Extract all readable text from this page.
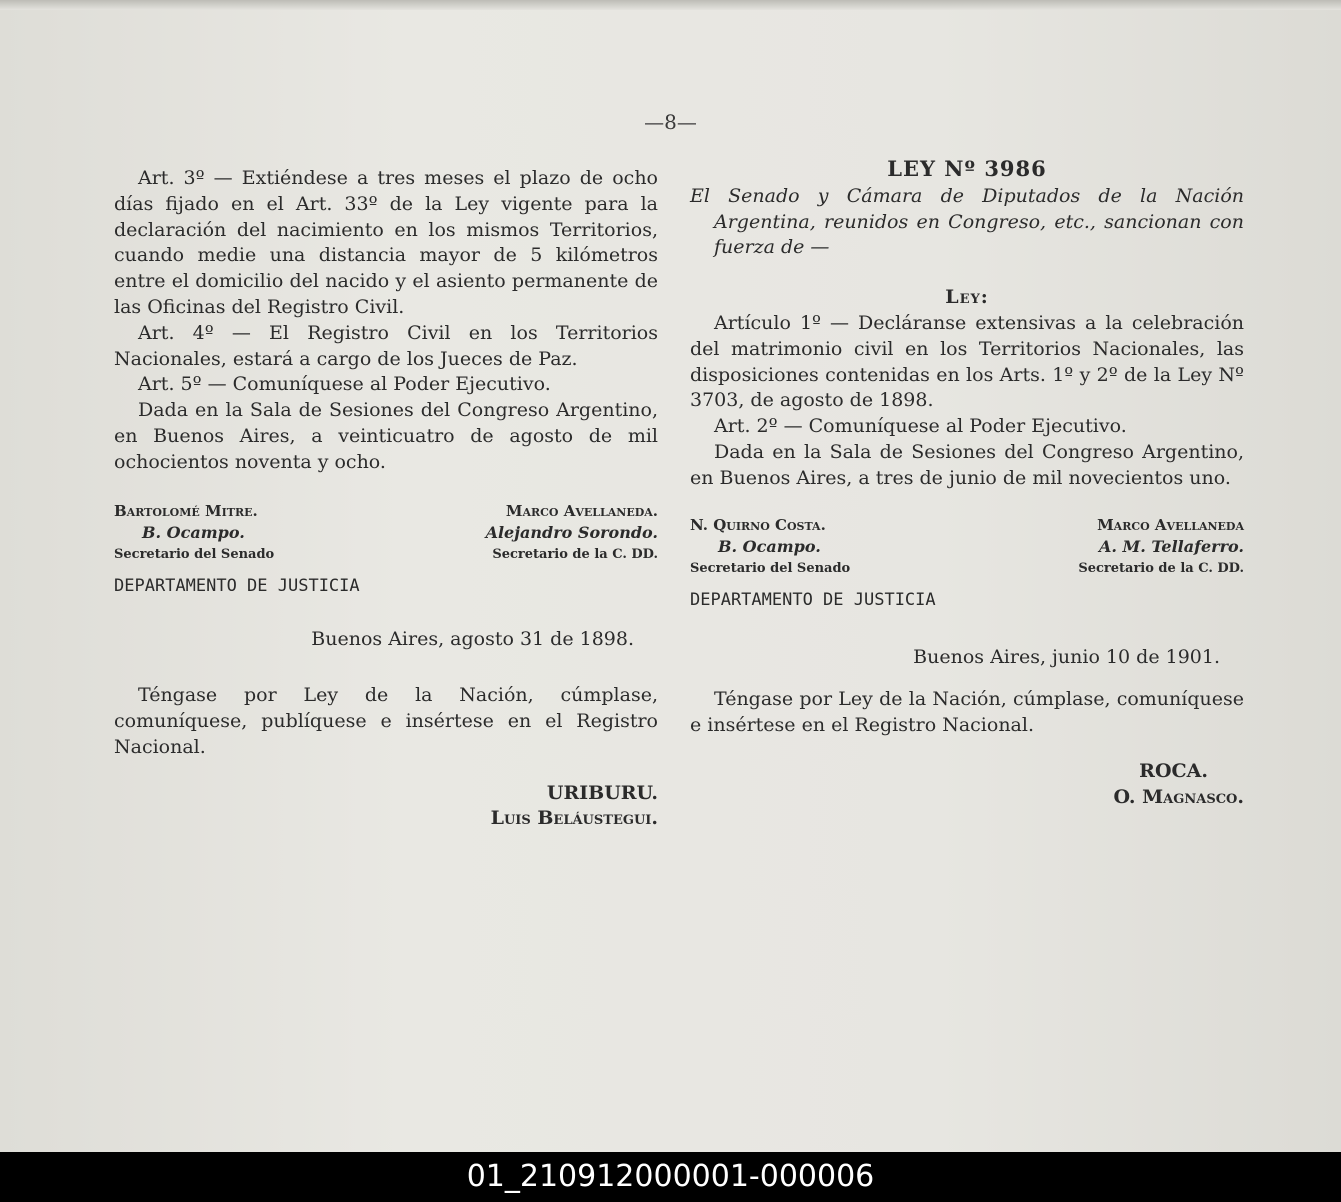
—8—

Art. 3º — Extiéndese a tres meses el plazo de ocho días fijado en el Art. 33º de la Ley vigente para la declaración del nacimiento en los mismos Territorios, cuando medie una distancia mayor de 5 kilómetros entre el domicilio del nacido y el asiento permanente de las Oficinas del Registro Civil.

Art. 4º — El Registro Civil en los Territorios Nacionales, estará a cargo de los Jueces de Paz.

Art. 5º — Comuníquese al Poder Ejecutivo.

Dada en la Sala de Sesiones del Congreso Argentino, en Buenos Aires, a veinticuatro de agosto de mil ochocientos noventa y ocho.

Bartolomé Mitre.
B. Ocampo.
Secretario del Senado
Marco Avellaneda.
Alejandro Sorondo.
Secretario de la C. DD.
DEPARTAMENTO DE JUSTICIA
Buenos Aires, agosto 31 de 1898.

Téngase por Ley de la Nación, cúmplase, comuníquese, publíquese e insértese en el Registro Nacional.

URIBURU.
Luis Beláustegui.
LEY Nº 3986

El Senado y Cámara de Diputados de la Nación Argentina, reunidos en Congreso, etc., sancionan con fuerza de —

Ley:

Artículo 1º — Decláranse extensivas a la celebración del matrimonio civil en los Territorios Nacionales, las disposiciones contenidas en los Arts. 1º y 2º de la Ley Nº 3703, de agosto de 1898.

Art. 2º — Comuníquese al Poder Ejecutivo.

Dada en la Sala de Sesiones del Congreso Argentino, en Buenos Aires, a tres de junio de mil novecientos uno.

N. Quirno Costa.
B. Ocampo.
Secretario del Senado
Marco Avellaneda
A. M. Tellaferro.
Secretario de la C. DD.
DEPARTAMENTO DE JUSTICIA
Buenos Aires, junio 10 de 1901.

Téngase por Ley de la Nación, cúmplase, comuníquese e insértese en el Registro Nacional.

ROCA.
O. Magnasco.
01_210912000001-000006
